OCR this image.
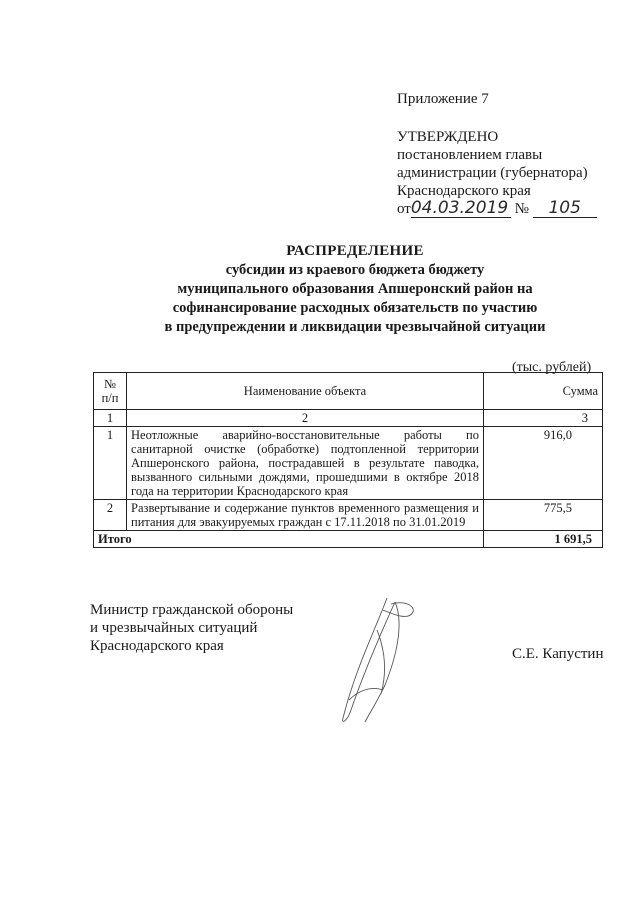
Приложение 7
УТВЕРЖДЕНО
постановлением главы
администрации (губернатора)
Краснодарского края
от04.03.2019 № 105
РАСПРЕДЕЛЕНИЕ
субсидии из краевого бюджета бюджету
муниципального образования Апшеронский район на
софинансирование расходных обязательств по участию
в предупреждении и ликвидации чрезвычайной ситуации
(тыс. рублей)
№ п/п	Наименование объекта	Сумма
1	2	3
1	Неотложные аварийно-восстановительные работы по санитарной очистке (обработке) подтопленной территории Апшеронского района, пострадавшей в результате паводка, вызванного сильными дождями, прошедшими в октябре 2018 года на территории Краснодарского края	916,0
2	Развертывание и содержание пунктов временного размещения и питания для эвакуируемых граждан с 17.11.2018 по 31.01.2019	775,5
Итого		1 691,5
Министр гражданской обороны
и чрезвычайных ситуаций
Краснодарского края	С.Е. Капустин
